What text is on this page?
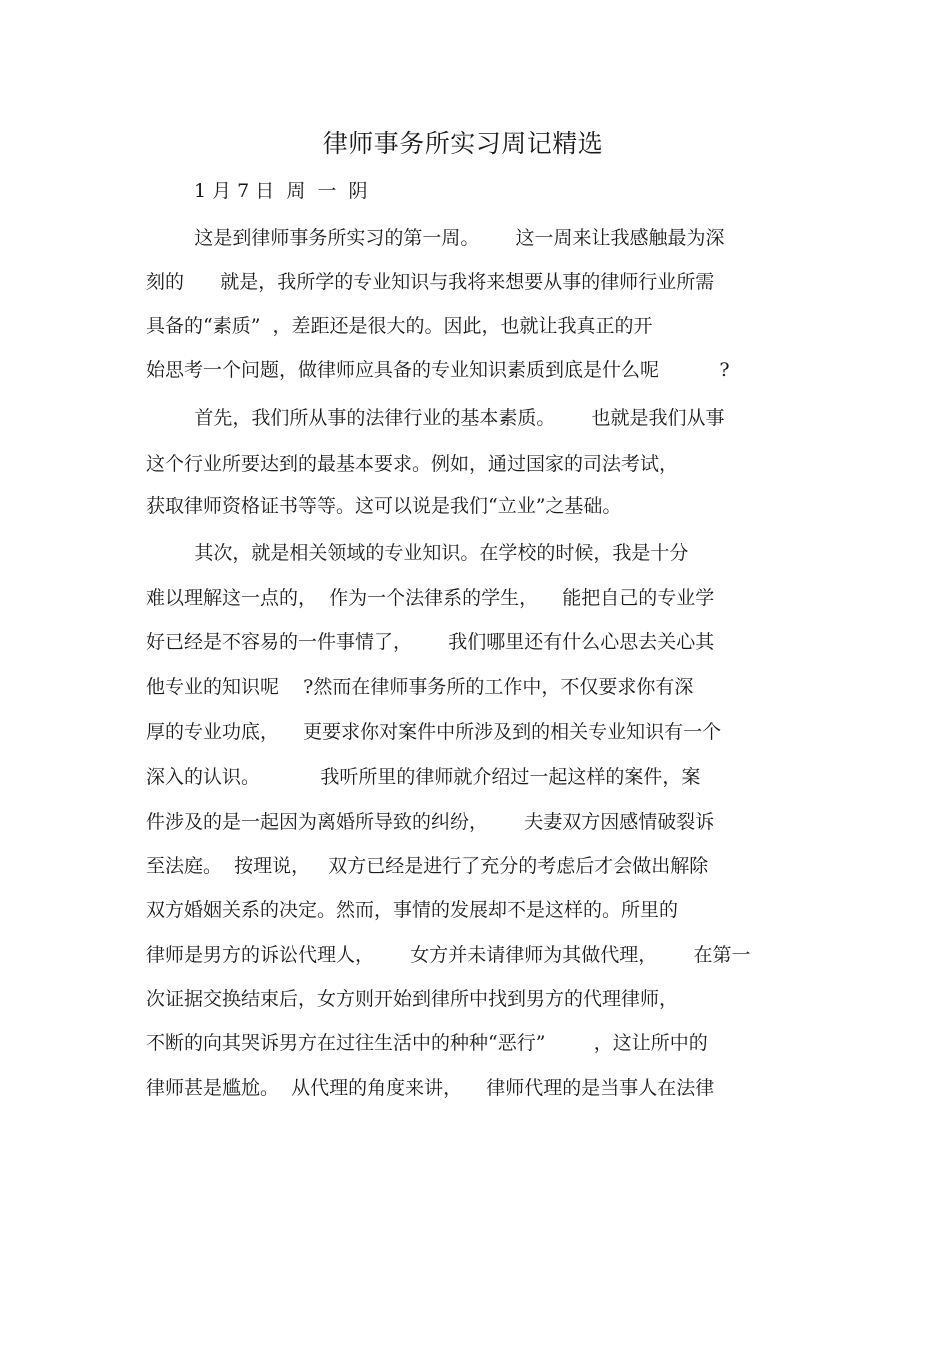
律师事务所实习周记精选
1 月 7 日  周  一  阴
这是到律师事务所实习的第一周。      这一周来让我感触最为深
刻的      就是，我所学的专业知识与我将来想要从事的律师行业所需
具备的“素质”  ，差距还是很大的。因此，也就让我真正的开
始思考一个问题，做律师应具备的专业知识素质到底是什么呢          ?
首先，我们所从事的法律行业的基本素质。      也就是我们从事
这个行业所要达到的最基本要求。例如，通过国家的司法考试，
获取律师资格证书等等。这可以说是我们“立业”之基础。
其次，就是相关领域的专业知识。在学校的时候，我是十分
难以理解这一点的，  作为一个法律系的学生，    能把自己的专业学
好已经是不容易的一件事情了，      我们哪里还有什么心思去关心其
他专业的知识呢    ?然而在律师事务所的工作中，不仅要求你有深
厚的专业功底，    更要求你对案件中所涉及到的相关专业知识有一个
深入的认识。          我听所里的律师就介绍过一起这样的案件，案
件涉及的是一起因为离婚所导致的纠纷，      夫妻双方因感情破裂诉
至法庭。  按理说，   双方已经是进行了充分的考虑后才会做出解除
双方婚姻关系的决定。然而，事情的发展却不是这样的。所里的
律师是男方的诉讼代理人，      女方并未请律师为其做代理，      在第一
次证据交换结束后，女方则开始到律所中找到男方的代理律师，
不断的向其哭诉男方在过往生活中的种种“恶行”        ，这让所中的
律师甚是尴尬。  从代理的角度来讲，    律师代理的是当事人在法律
